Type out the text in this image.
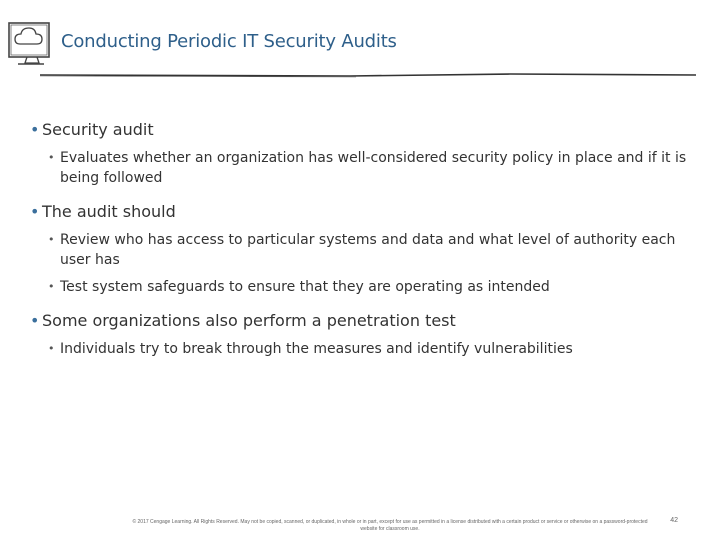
Conducting Periodic IT Security Audits
• Security audit
• Evaluates whether an organization has well-considered security policy in place and if it is being followed
• The audit should
• Review who has access to particular systems and data and what level of authority each user has
• Test system safeguards to ensure that they are operating as intended
• Some organizations also perform a penetration test
• Individuals try to break through the measures and identify vulnerabilities
© 2017 Cengage Learning. All Rights Reserved. May not be copied, scanned, or duplicated, in whole or in part, except for use as permitted in a license distributed with a certain product or service or otherwise on a password-protected website for classroom use.
42
